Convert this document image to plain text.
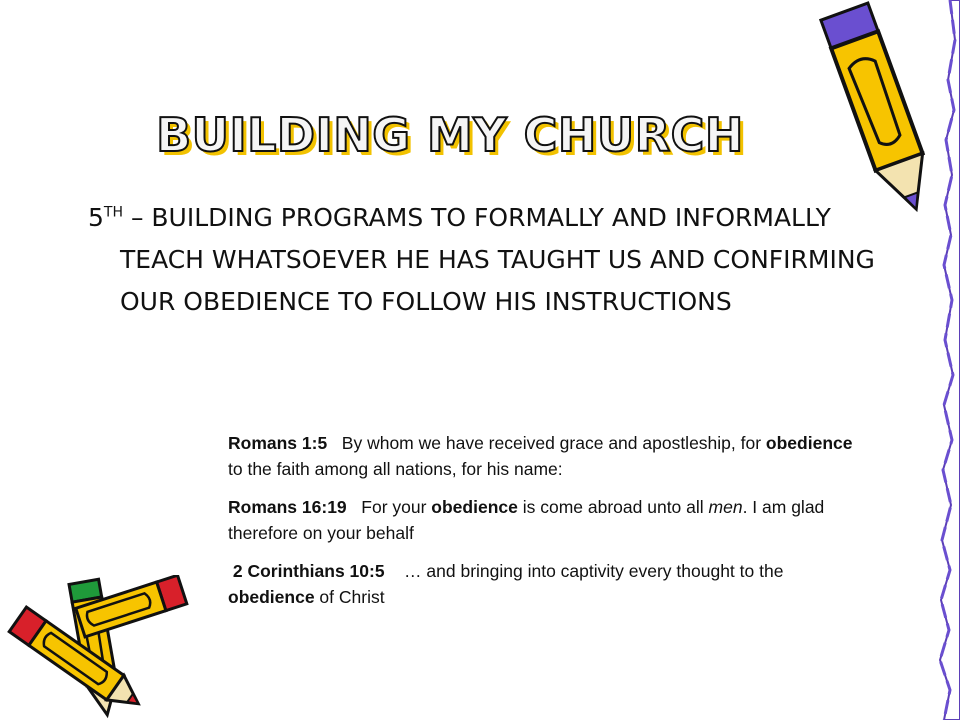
BUILDING MY CHURCH
5TH – BUILDING PROGRAMS TO FORMALLY AND INFORMALLY TEACH WHATSOEVER HE HAS TAUGHT US AND CONFIRMING OUR OBEDIENCE TO FOLLOW HIS INSTRUCTIONS

Romans 1:5 By whom we have received grace and apostleship, for obedience to the faith among all nations, for his name:

Romans 16:19 For your obedience is come abroad unto all men. I am glad therefore on your behalf

2 Corinthians 10:5 … and bringing into captivity every thought to the obedience of Christ
